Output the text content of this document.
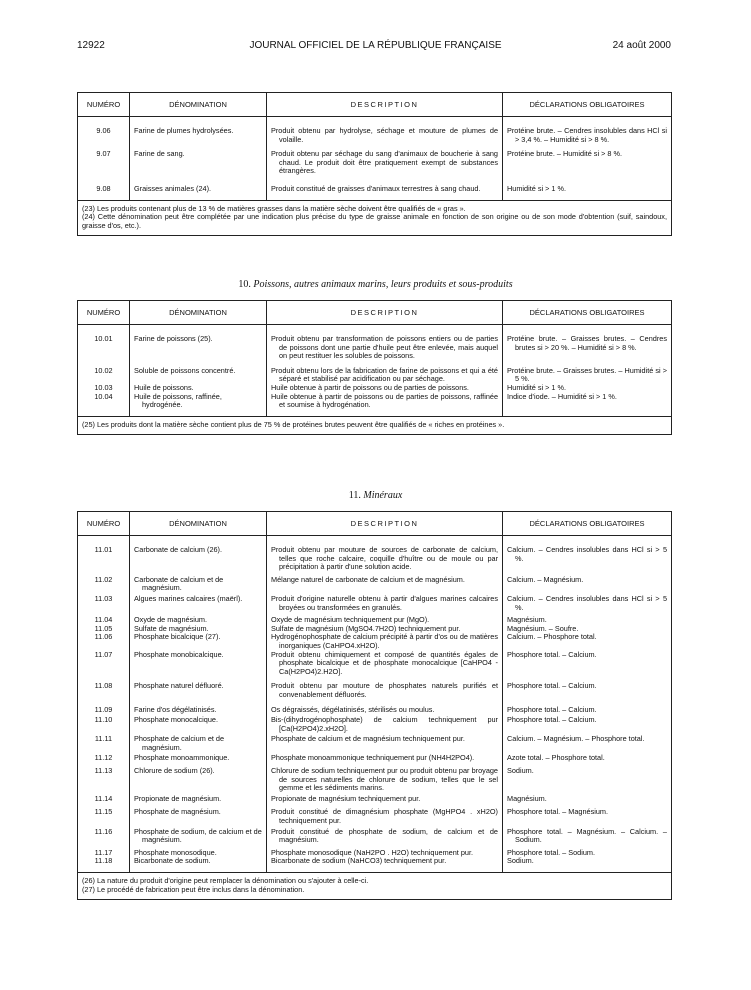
12922	JOURNAL OFFICIEL DE LA RÉPUBLIQUE FRANÇAISE	24 août 2000
NUMÉRO	DÉNOMINATION	DESCRIPTION	DÉCLARATIONS OBLIGATOIRES

9.06	Farine de plumes hydrolysées.	Produit obtenu par hydrolyse, séchage et mouture de plumes de volaille.	Protéine brute. – Cendres insolubles dans HCl si > 3,4 %. – Humidité si > 8 %.
9.07	Farine de sang.	Produit obtenu par séchage du sang d'animaux de boucherie à sang chaud. Le produit doit être pratiquement exempt de substances étrangères.	Protéine brute. – Humidité si > 8 %.
9.08	Graisses animales (24).	Produit constitué de graisses d'animaux terrestres à sang chaud.	Humidité si > 1 %.

(23) Les produits contenant plus de 13 % de matières grasses dans la matière sèche doivent être qualifiés de « gras ».
(24) Cette dénomination peut être complétée par une indication plus précise du type de graisse animale en fonction de son origine ou de son mode d'obtention (suif, saindoux, graisse d'os, etc.).			
10. Poissons, autres animaux marins, leurs produits et sous-produits
NUMÉRO	DÉNOMINATION	DESCRIPTION	DÉCLARATIONS OBLIGATOIRES

10.01	Farine de poissons (25).	Produit obtenu par transformation de poissons entiers ou de parties de poissons dont une partie d'huile peut être enlevée, mais auquel on peut restituer les solubles de poissons.	Protéine brute. – Graisses brutes. – Cendres brutes si > 20 %. – Humidité si > 8 %.
10.02	Soluble de poissons concentré.	Produit obtenu lors de la fabrication de farine de poissons et qui a été séparé et stabilisé par acidification ou par séchage.	Protéine brute. – Graisses brutes. – Humidité si > 5 %.
10.03	Huile de poissons.	Huile obtenue à partir de poissons ou de parties de poissons.	Humidité si > 1 %.
10.04	Huile de poissons, raffinée, hydrogénée.	Huile obtenue à partir de poissons ou de parties de poissons, raffinée et soumise à hydrogénation.	Indice d'iode. – Humidité si > 1 %.

(25) Les produits dont la matière sèche contient plus de 75 % de protéines brutes peuvent être qualifiés de « riches en protéines ».			
11. Minéraux
NUMÉRO	DÉNOMINATION	DESCRIPTION	DÉCLARATIONS OBLIGATOIRES

11.01	Carbonate de calcium (26).	Produit obtenu par mouture de sources de carbonate de calcium, telles que roche calcaire, coquille d'huître ou de moule ou par précipitation à partir d'une solution acide.	Calcium. – Cendres insolubles dans HCl si > 5 %.
11.02	Carbonate de calcium et de magnésium.	Mélange naturel de carbonate de calcium et de magnésium.	Calcium. – Magnésium.
11.03	Algues marines calcaires (maërl).	Produit d'origine naturelle obtenu à partir d'algues marines calcaires broyées ou transformées en granulés.	Calcium. – Cendres insolubles dans HCl si > 5 %.
11.04	Oxyde de magnésium.	Oxyde de magnésium techniquement pur (MgO).	Magnésium.
11.05	Sulfate de magnésium.	Sulfate de magnésium (MgSO4.7H2O) techniquement pur.	Magnésium. – Soufre.
11.06	Phosphate bicalcique (27).	Hydrogénophosphate de calcium précipité à partir d'os ou de matières inorganiques (CaHPO4.xH2O).	Calcium. – Phosphore total.
11.07	Phosphate monobicalcique.	Produit obtenu chimiquement et composé de quantités égales de phosphate bicalcique et de phosphate monocalcique [CaHPO4 - Ca(H2PO4)2.H2O].	Phosphore total. – Calcium.
11.08	Phosphate naturel défluoré.	Produit obtenu par mouture de phosphates naturels purifiés et convenablement défluorés.	Phosphore total. – Calcium.
11.09	Farine d'os dégélatinisés.	Os dégraissés, dégélatinisés, stérilisés ou moulus.	Phosphore total. – Calcium.
11.10	Phosphate monocalcique.	Bis-(dihydrogénophosphate) de calcium techniquement pur [Ca(H2PO4)2.xH2O].	Phosphore total. – Calcium.
11.11	Phosphate de calcium et de magnésium.	Phosphate de calcium et de magnésium techniquement pur.	Calcium. – Magnésium. – Phosphore total.
11.12	Phosphate monoammonique.	Phosphate monoammonique techniquement pur (NH4H2PO4).	Azote total. – Phosphore total.
11.13	Chlorure de sodium (26).	Chlorure de sodium techniquement pur ou produit obtenu par broyage de sources naturelles de chlorure de sodium, telles que le sel gemme et les sédiments marins.	Sodium.
11.14	Propionate de magnésium.	Propionate de magnésium techniquement pur.	Magnésium.
11.15	Phosphate de magnésium.	Produit constitué de dimagnésium phosphate (MgHPO4 . xH2O) techniquement pur.	Phosphore total. – Magnésium.
11.16	Phosphate de sodium, de calcium et de magnésium.	Produit constitué de phosphate de sodium, de calcium et de magnésium.	Phosphore total. – Magnésium. – Calcium. – Sodium.
11.17	Phosphate monosodique.	Phosphate monosodique (NaH2PO . H2O) techniquement pur.	Phosphore total. – Sodium.
11.18	Bicarbonate de sodium.	Bicarbonate de sodium (NaHCO3) techniquement pur.	Sodium.

(26) La nature du produit d'origine peut remplacer la dénomination ou s'ajouter à celle-ci.
(27) Le procédé de fabrication peut être inclus dans la dénomination.			
